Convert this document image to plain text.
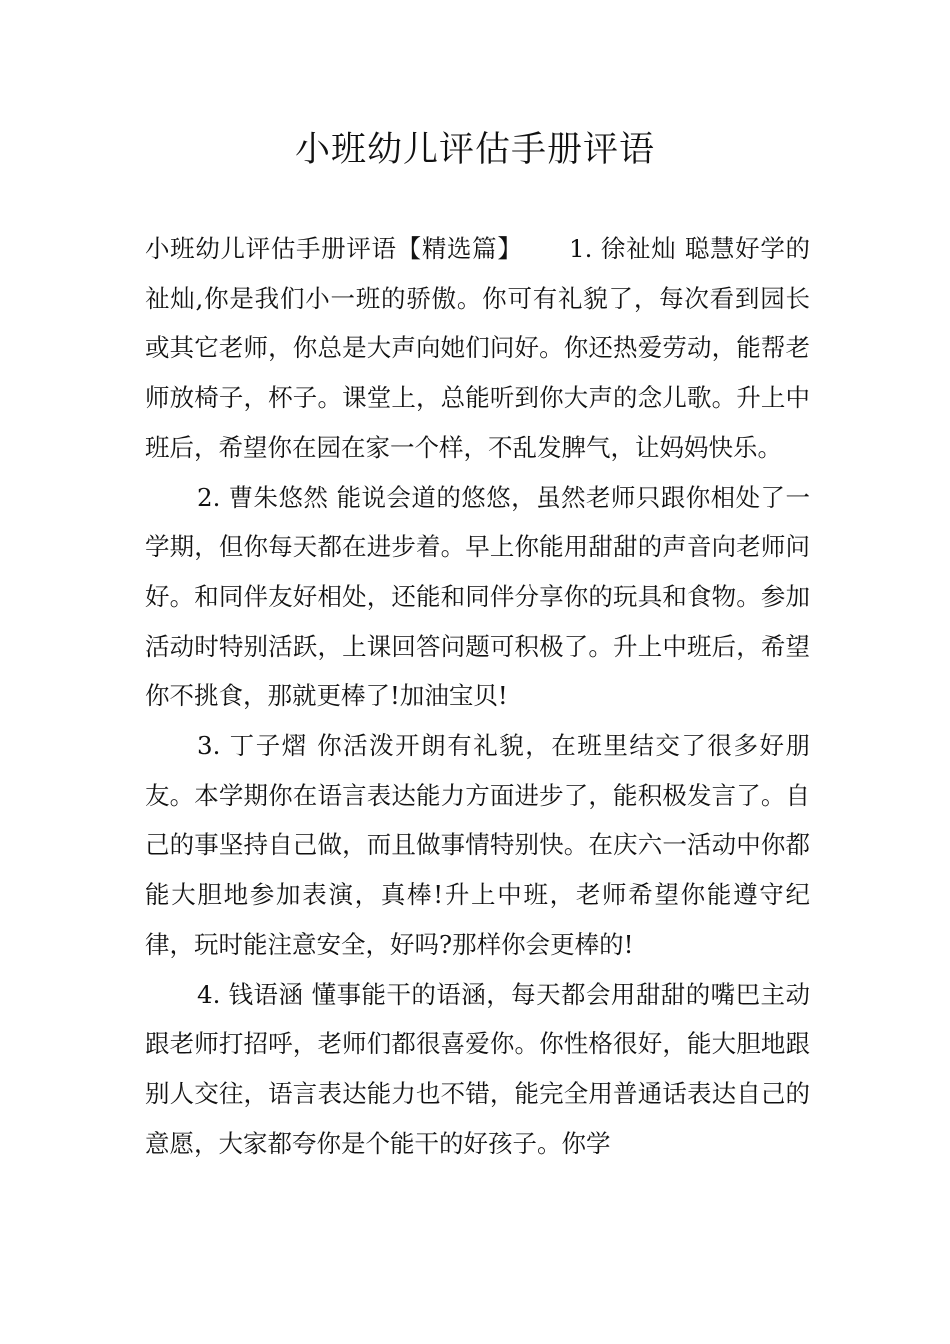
小班幼儿评估手册评语

小班幼儿评估手册评语【精选篇】　　 1. 徐祉灿 聪慧好学的祉灿,你是我们小一班的骄傲。你可有礼貌了，每次看到园长或其它老师，你总是大声向她们问好。你还热爱劳动，能帮老师放椅子，杯子。课堂上，总能听到你大声的念儿歌。升上中班后，希望你在园在家一个样，不乱发脾气，让妈妈快乐。

2. 曹朱悠然 能说会道的悠悠，虽然老师只跟你相处了一学期，但你每天都在进步着。早上你能用甜甜的声音向老师问好。和同伴友好相处，还能和同伴分享你的玩具和食物。参加活动时特别活跃，上课回答问题可积极了。升上中班后，希望你不挑食，那就更棒了!加油宝贝!

3. 丁子熠 你活泼开朗有礼貌，在班里结交了很多好朋友。本学期你在语言表达能力方面进步了，能积极发言了。自己的事坚持自己做，而且做事情特别快。在庆六一活动中你都能大胆地参加表演，真棒!升上中班，老师希望你能遵守纪律，玩时能注意安全，好吗?那样你会更棒的!

4. 钱语涵 懂事能干的语涵，每天都会用甜甜的嘴巴主动跟老师打招呼，老师们都很喜爱你。你性格很好，能大胆地跟别人交往，语言表达能力也不错，能完全用普通话表达自己的意愿，大家都夸你是个能干的好孩子。你学
